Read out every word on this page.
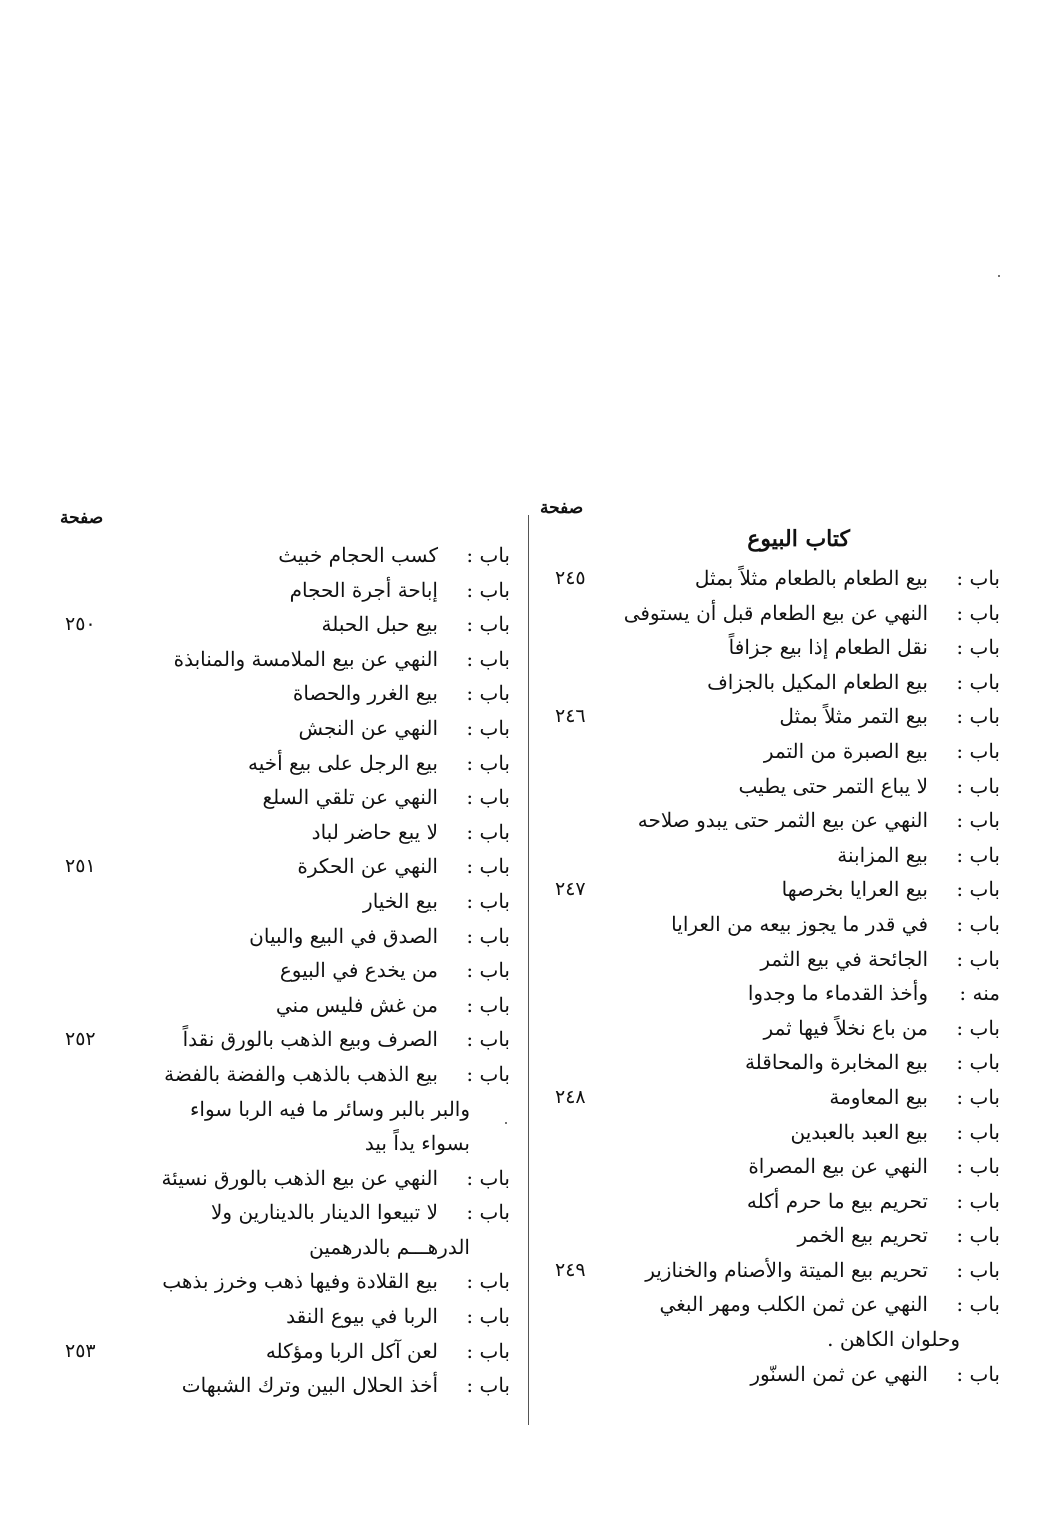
صفحة
كتاب البيوع
باب :
بيع الطعام بالطعام مثلاً بمثل
٢٤٥
باب :
النهي عن بيع الطعام قبل أن يستوفى
باب :
نقل الطعام إذا بيع جزافاً
باب :
بيع الطعام المكيل بالجزاف
باب :
بيع التمر مثلاً بمثل
٢٤٦
باب :
بيع الصبرة من التمر
باب :
لا يباع التمر حتى يطيب
باب :
النهي عن بيع الثمر حتى يبدو صلاحه
باب :
بيع المزابنة
باب :
بيع العرايا بخرصها
٢٤٧
باب :
في قدر ما يجوز بيعه من العرايا
باب :
الجائحة في بيع الثمر
منه :
وأخذ القدماء ما وجدوا
باب :
من باع نخلاً فيها ثمر
باب :
بيع المخابرة والمحاقلة
باب :
بيع المعاومة
٢٤٨
باب :
بيع العبد بالعبدين
باب :
النهي عن بيع المصراة
باب :
تحريم بيع ما حرم أكله
باب :
تحريم بيع الخمر
باب :
تحريم بيع الميتة والأصنام والخنازير
٢٤٩
باب :
النهي عن ثمن الكلب ومهر البغي
وحلوان الكاهن .
باب :
النهي عن ثمن السنّور
صفحة
باب :
كسب الحجام خبيث
باب :
إباحة أجرة الحجام
باب :
بيع حبل الحبلة
٢٥٠
باب :
النهي عن بيع الملامسة والمنابذة
باب :
بيع الغرر والحصاة
باب :
النهي عن النجش
باب :
بيع الرجل على بيع أخيه
باب :
النهي عن تلقي السلع
باب :
لا يبع حاضر لباد
باب :
النهي عن الحكرة
٢٥١
باب :
بيع الخيار
باب :
الصدق في البيع والبيان
باب :
من يخدع في البيوع
باب :
من غش فليس مني
باب :
الصرف وبيع الذهب بالورق نقداً
٢٥٢
باب :
بيع الذهب بالذهب والفضة بالفضة
والبر بالبر وسائر ما فيه الربا سواء
بسواء يداً بيد
باب :
النهي عن بيع الذهب بالورق نسيئة
باب :
لا تبيعوا الدينار بالدينارين ولا
الدرهـــم بالدرهمين
باب :
بيع القلادة وفيها ذهب وخرز بذهب
باب :
الربا في بيوع النقد
باب :
لعن آكل الربا ومؤكله
٢٥٣
باب :
أخذ الحلال البين وترك الشبهات
